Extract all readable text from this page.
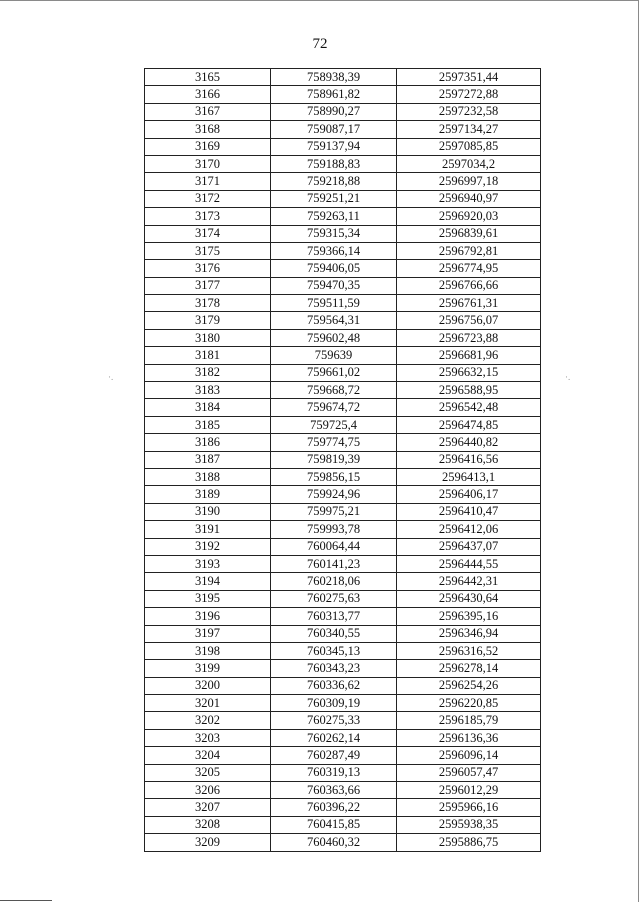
72
·.	·.
3165	758938,39	2597351,44
3166	758961,82	2597272,88
3167	758990,27	2597232,58
3168	759087,17	2597134,27
3169	759137,94	2597085,85
3170	759188,83	2597034,2
3171	759218,88	2596997,18
3172	759251,21	2596940,97
3173	759263,11	2596920,03
3174	759315,34	2596839,61
3175	759366,14	2596792,81
3176	759406,05	2596774,95
3177	759470,35	2596766,66
3178	759511,59	2596761,31
3179	759564,31	2596756,07
3180	759602,48	2596723,88
3181	759639	2596681,96
3182	759661,02	2596632,15
3183	759668,72	2596588,95
3184	759674,72	2596542,48
3185	759725,4	2596474,85
3186	759774,75	2596440,82
3187	759819,39	2596416,56
3188	759856,15	2596413,1
3189	759924,96	2596406,17
3190	759975,21	2596410,47
3191	759993,78	2596412,06
3192	760064,44	2596437,07
3193	760141,23	2596444,55
3194	760218,06	2596442,31
3195	760275,63	2596430,64
3196	760313,77	2596395,16
3197	760340,55	2596346,94
3198	760345,13	2596316,52
3199	760343,23	2596278,14
3200	760336,62	2596254,26
3201	760309,19	2596220,85
3202	760275,33	2596185,79
3203	760262,14	2596136,36
3204	760287,49	2596096,14
3205	760319,13	2596057,47
3206	760363,66	2596012,29
3207	760396,22	2595966,16
3208	760415,85	2595938,35
3209	760460,32	2595886,75
